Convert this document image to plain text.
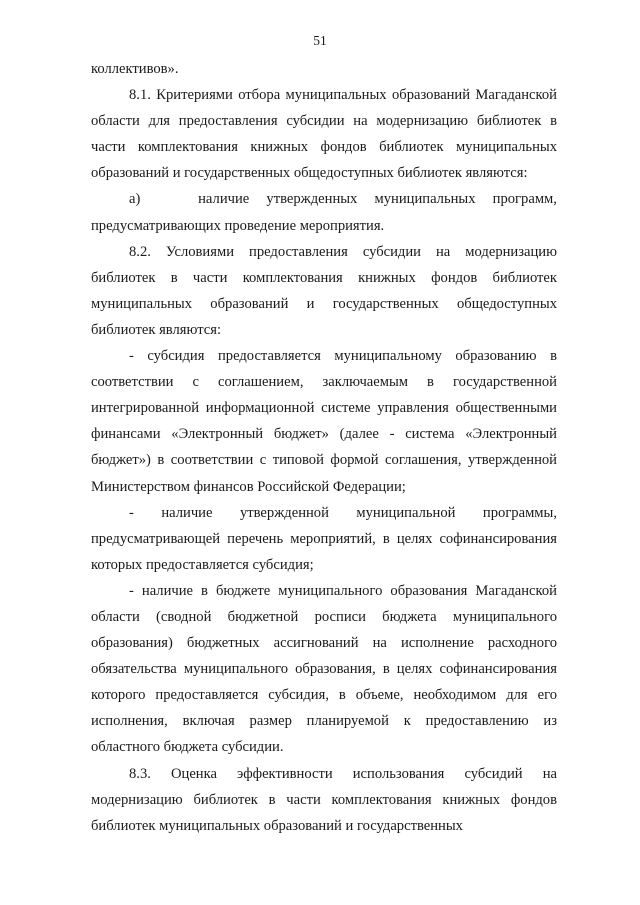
51

коллективов».

8.1. Критериями отбора муниципальных образований Магаданской области для предоставления субсидии на модернизацию библиотек в части комплектования книжных фондов библиотек муниципальных образований и государственных общедоступных библиотек являются:

а)	наличие утвержденных муниципальных программ,

предусматривающих проведение мероприятия.

8.2. Условиями предоставления субсидии на модернизацию библиотек в части комплектования книжных фондов библиотек муниципальных образований и государственных общедоступных библиотек являются:

- субсидия предоставляется муниципальному образованию в соответствии с соглашением, заключаемым в государственной интегрированной информационной системе управления общественными финансами «Электронный бюджет» (далее - система «Электронный бюджет») в соответствии с типовой формой соглашения, утвержденной Министерством финансов Российской Федерации;

- наличие утвержденной муниципальной программы, предусматривающей перечень мероприятий, в целях софинансирования которых предоставляется субсидия;

- наличие в бюджете муниципального образования Магаданской области (сводной бюджетной росписи бюджета муниципального образования) бюджетных ассигнований на исполнение расходного обязательства муниципального образования, в целях софинансирования которого предоставляется субсидия, в объеме, необходимом для его исполнения, включая размер планируемой к предоставлению из областного бюджета субсидии.

8.3. Оценка эффективности использования субсидий на модернизацию библиотек в части комплектования книжных фондов библиотек муниципальных образований и государственных
